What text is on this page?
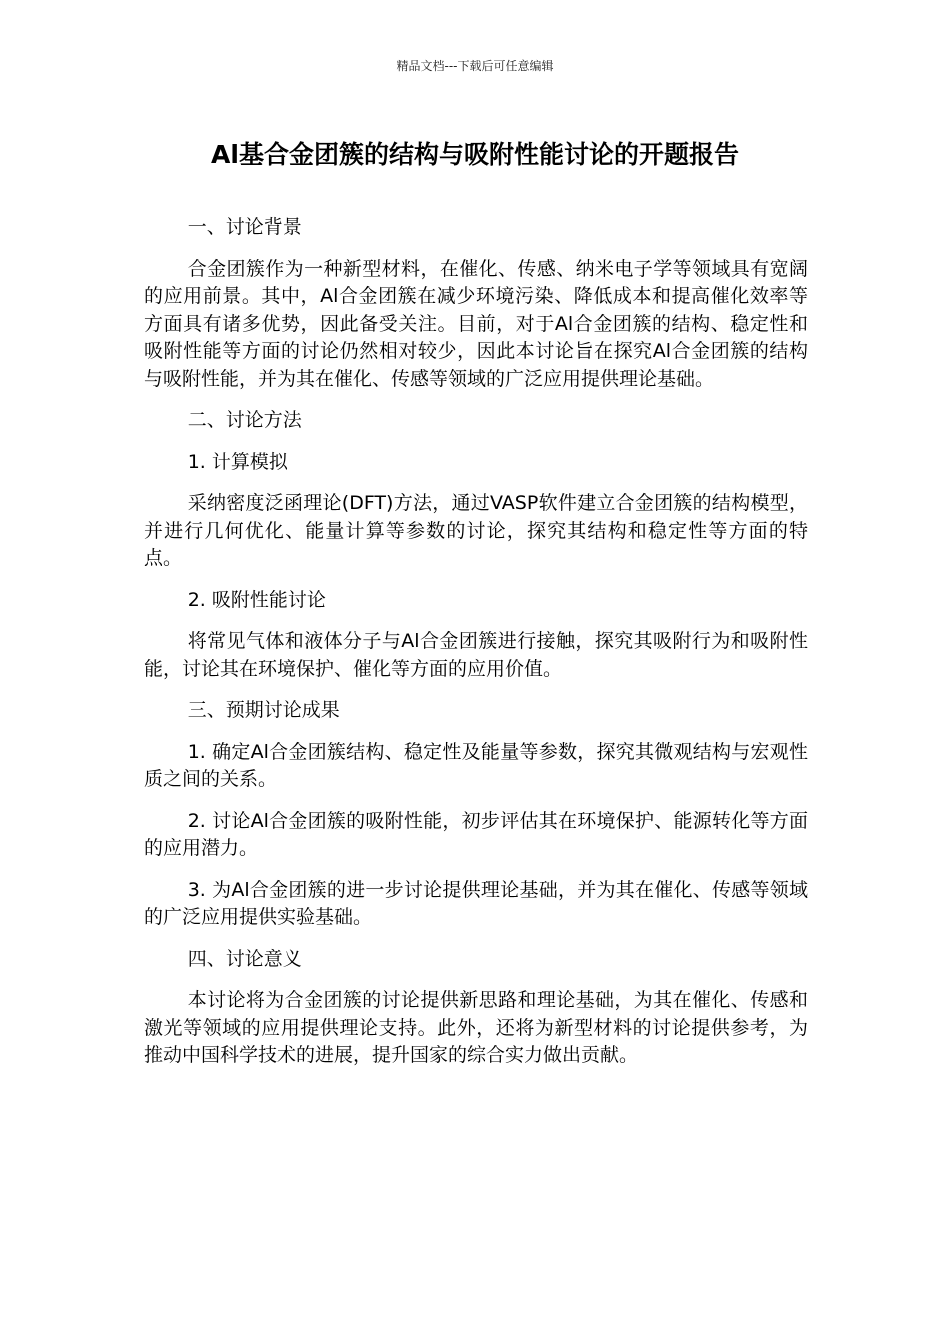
精品文档---下载后可任意编辑
Al基合金团簇的结构与吸附性能讨论的开题报告

一、讨论背景

合金团簇作为一种新型材料，在催化、传感、纳米电子学等领域具有宽阔的应用前景。其中，Al合金团簇在减少环境污染、降低成本和提高催化效率等方面具有诸多优势，因此备受关注。目前，对于Al合金团簇的结构、稳定性和吸附性能等方面的讨论仍然相对较少，因此本讨论旨在探究Al合金团簇的结构与吸附性能，并为其在催化、传感等领域的广泛应用提供理论基础。

二、讨论方法

1. 计算模拟

采纳密度泛函理论(DFT)方法，通过VASP软件建立合金团簇的结构模型，并进行几何优化、能量计算等参数的讨论，探究其结构和稳定性等方面的特点。

2. 吸附性能讨论

将常见气体和液体分子与Al合金团簇进行接触，探究其吸附行为和吸附性能，讨论其在环境保护、催化等方面的应用价值。

三、预期讨论成果

1. 确定Al合金团簇结构、稳定性及能量等参数，探究其微观结构与宏观性质之间的关系。

2. 讨论Al合金团簇的吸附性能，初步评估其在环境保护、能源转化等方面的应用潜力。

3. 为Al合金团簇的进一步讨论提供理论基础，并为其在催化、传感等领域的广泛应用提供实验基础。

四、讨论意义

本讨论将为合金团簇的讨论提供新思路和理论基础，为其在催化、传感和激光等领域的应用提供理论支持。此外，还将为新型材料的讨论提供参考，为推动中国科学技术的进展，提升国家的综合实力做出贡献。
